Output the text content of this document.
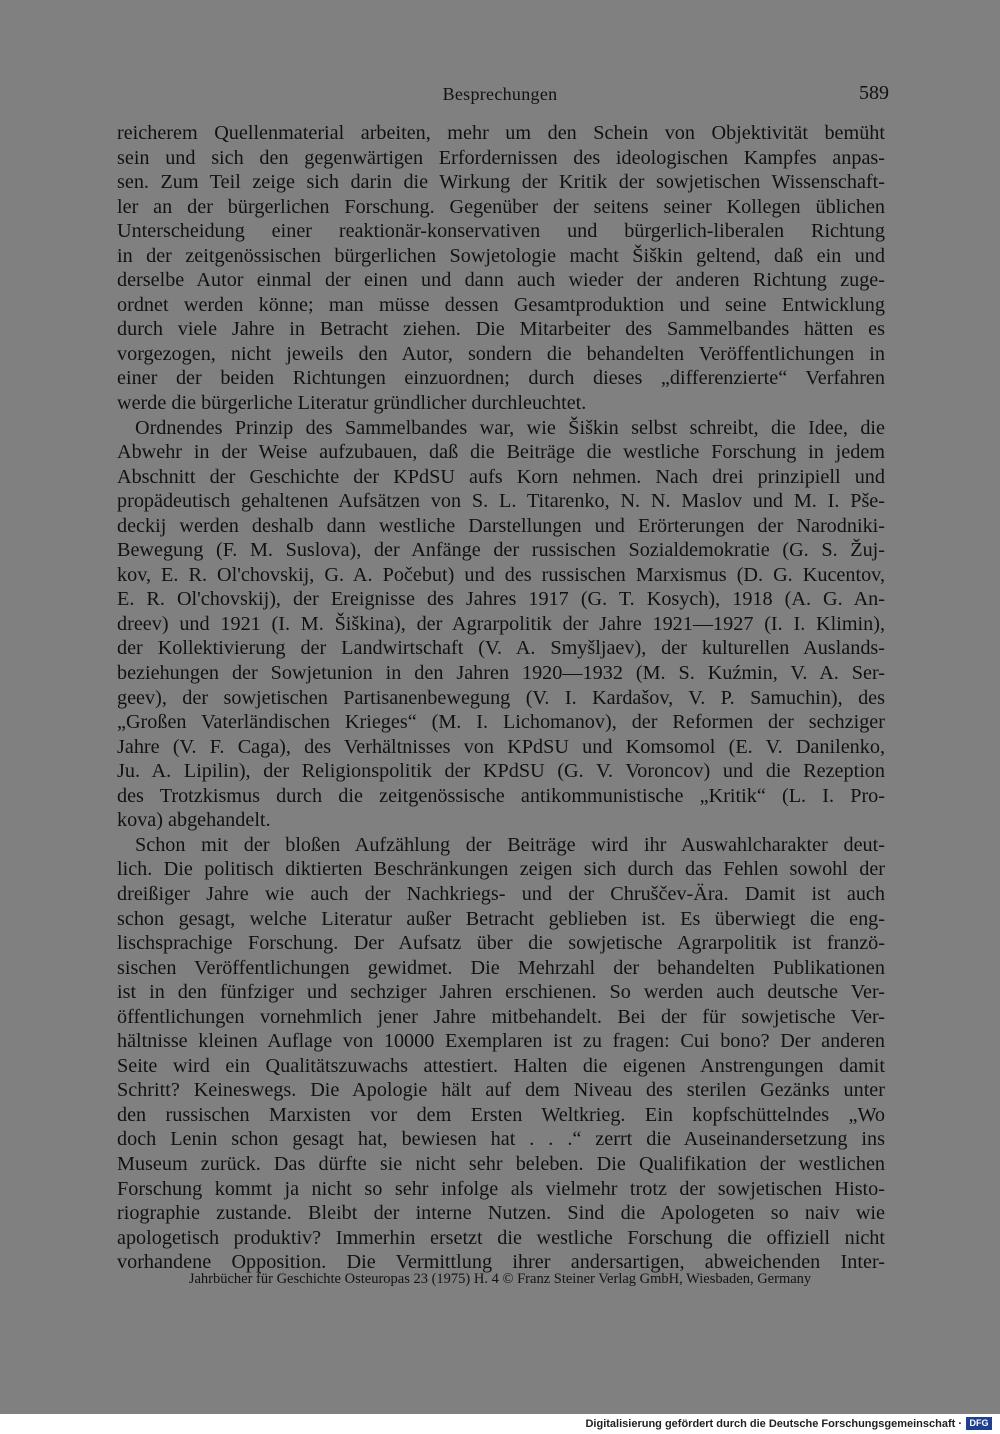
Besprechungen	589
reicherem Quellenmaterial arbeiten, mehr um den Schein von Objektivität bemüht
sein und sich den gegenwärtigen Erfordernissen des ideologischen Kampfes anpas-
sen. Zum Teil zeige sich darin die Wirkung der Kritik der sowjetischen Wissenschaft-
ler an der bürgerlichen Forschung. Gegenüber der seitens seiner Kollegen üblichen
Unterscheidung einer reaktionär-konservativen und bürgerlich-liberalen Richtung
in der zeitgenössischen bürgerlichen Sowjetologie macht Šiškin geltend, daß ein und
derselbe Autor einmal der einen und dann auch wieder der anderen Richtung zuge-
ordnet werden könne; man müsse dessen Gesamtproduktion und seine Entwicklung
durch viele Jahre in Betracht ziehen. Die Mitarbeiter des Sammelbandes hätten es
vorgezogen, nicht jeweils den Autor, sondern die behandelten Veröffentlichungen in
einer der beiden Richtungen einzuordnen; durch dieses „differenzierte“ Verfahren
werde die bürgerliche Literatur gründlicher durchleuchtet.
Ordnendes Prinzip des Sammelbandes war, wie Šiškin selbst schreibt, die Idee, die
Abwehr in der Weise aufzubauen, daß die Beiträge die westliche Forschung in jedem
Abschnitt der Geschichte der KPdSU aufs Korn nehmen. Nach drei prinzipiell und
propädeutisch gehaltenen Aufsätzen von S. L. Titarenko, N. N. Maslov und M. I. Pše-
deckij werden deshalb dann westliche Darstellungen und Erörterungen der Narodniki-
Bewegung (F. M. Suslova), der Anfänge der russischen Sozialdemokratie (G. S. Žuj-
kov, E. R. Ol'chovskij, G. A. Počebut) und des russischen Marxismus (D. G. Kucentov,
E. R. Ol'chovskij), der Ereignisse des Jahres 1917 (G. T. Kosych), 1918 (A. G. An-
dreev) und 1921 (I. M. Šiškina), der Agrarpolitik der Jahre 1921—1927 (I. I. Klimin),
der Kollektivierung der Landwirtschaft (V. A. Smyšljaev), der kulturellen Auslands-
beziehungen der Sowjetunion in den Jahren 1920—1932 (M. S. Kuźmin, V. A. Ser-
geev), der sowjetischen Partisanenbewegung (V. I. Kardašov, V. P. Samuchin), des
„Großen Vaterländischen Krieges“ (M. I. Lichomanov), der Reformen der sechziger
Jahre (V. F. Caga), des Verhältnisses von KPdSU und Komsomol (E. V. Danilenko,
Ju. A. Lipilin), der Religionspolitik der KPdSU (G. V. Voroncov) und die Rezeption
des Trotzkismus durch die zeitgenössische antikommunistische „Kritik“ (L. I. Pro-
kova) abgehandelt.
Schon mit der bloßen Aufzählung der Beiträge wird ihr Auswahlcharakter deut-
lich. Die politisch diktierten Beschränkungen zeigen sich durch das Fehlen sowohl der
dreißiger Jahre wie auch der Nachkriegs- und der Chruščev-Ära. Damit ist auch
schon gesagt, welche Literatur außer Betracht geblieben ist. Es überwiegt die eng-
lischsprachige Forschung. Der Aufsatz über die sowjetische Agrarpolitik ist franzö-
sischen Veröffentlichungen gewidmet. Die Mehrzahl der behandelten Publikationen
ist in den fünfziger und sechziger Jahren erschienen. So werden auch deutsche Ver-
öffentlichungen vornehmlich jener Jahre mitbehandelt. Bei der für sowjetische Ver-
hältnisse kleinen Auflage von 10000 Exemplaren ist zu fragen: Cui bono? Der anderen
Seite wird ein Qualitätszuwachs attestiert. Halten die eigenen Anstrengungen damit
Schritt? Keineswegs. Die Apologie hält auf dem Niveau des sterilen Gezänks unter
den russischen Marxisten vor dem Ersten Weltkrieg. Ein kopfschüttelndes „Wo
doch Lenin schon gesagt hat, bewiesen hat . . .“ zerrt die Auseinandersetzung ins
Museum zurück. Das dürfte sie nicht sehr beleben. Die Qualifikation der westlichen
Forschung kommt ja nicht so sehr infolge als vielmehr trotz der sowjetischen Histo-
riographie zustande. Bleibt der interne Nutzen. Sind die Apologeten so naiv wie
apologetisch produktiv? Immerhin ersetzt die westliche Forschung die offiziell nicht
vorhandene Opposition. Die Vermittlung ihrer andersartigen, abweichenden Inter-
Jahrbücher für Geschichte Osteuropas 23 (1975) H. 4 © Franz Steiner Verlag GmbH, Wiesbaden, Germany
Digitalisierung gefördert durch die Deutsche Forschungsgemeinschaft · DFG
